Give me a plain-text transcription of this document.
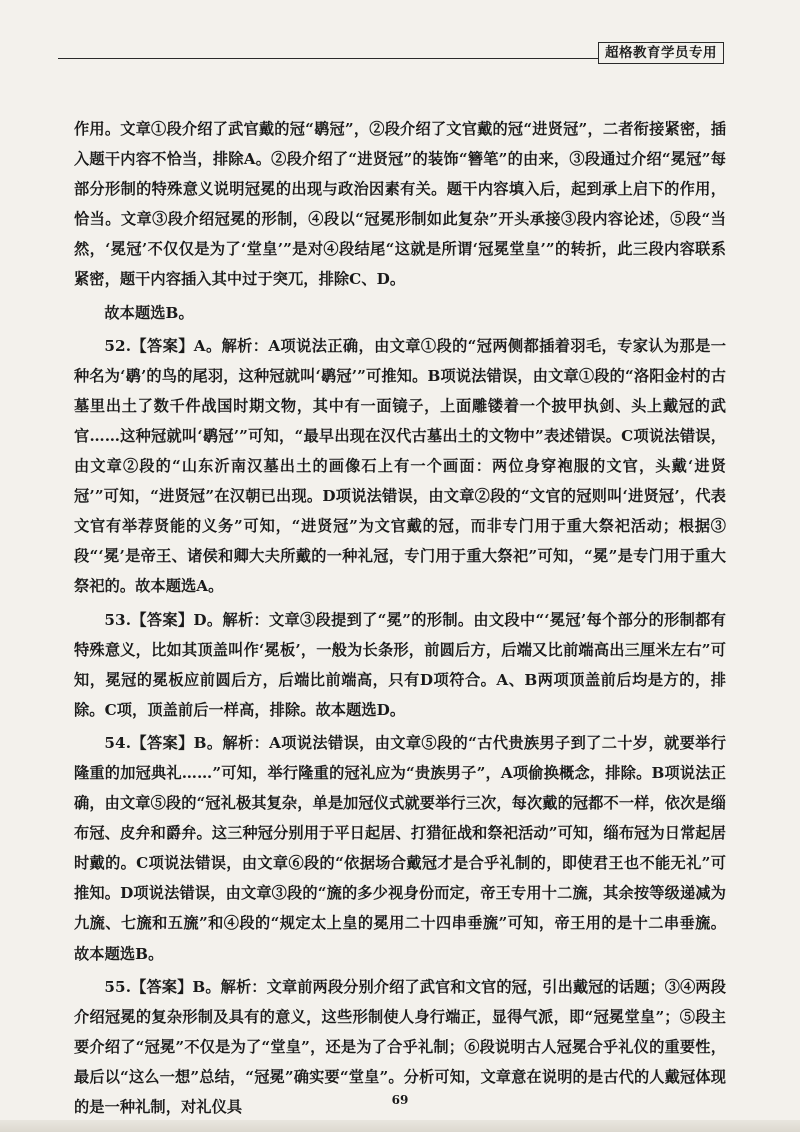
超格教育学员专用

作用。文章①段介绍了武官戴的冠“鹖冠”，②段介绍了文官戴的冠“进贤冠”，二者衔接紧密，插入题干内容不恰当，排除A。②段介绍了“进贤冠”的装饰“簪笔”的由来，③段通过介绍“冕冠”每部分形制的特殊意义说明冠冕的出现与政治因素有关。题干内容填入后，起到承上启下的作用，恰当。文章③段介绍冠冕的形制，④段以“冠冕形制如此复杂”开头承接③段内容论述，⑤段“当然，‘冕冠’不仅仅是为了‘堂皇’”是对④段结尾“这就是所谓‘冠冕堂皇’”的转折，此三段内容联系紧密，题干内容插入其中过于突兀，排除C、D。

故本题选B。

52.【答案】A。解析：A项说法正确，由文章①段的“冠两侧都插着羽毛，专家认为那是一种名为‘鹖’的鸟的尾羽，这种冠就叫‘鹖冠’”可推知。B项说法错误，由文章①段的“洛阳金村的古墓里出土了数千件战国时期文物，其中有一面镜子，上面雕镂着一个披甲执剑、头上戴冠的武官……这种冠就叫‘鹖冠’”可知，“最早出现在汉代古墓出土的文物中”表述错误。C项说法错误，由文章②段的“山东沂南汉墓出土的画像石上有一个画面：两位身穿袍服的文官，头戴‘进贤冠’”可知，“进贤冠”在汉朝已出现。D项说法错误，由文章②段的“文官的冠则叫‘进贤冠’，代表文官有举荐贤能的义务”可知，“进贤冠”为文官戴的冠，而非专门用于重大祭祀活动；根据③段“‘冕’是帝王、诸侯和卿大夫所戴的一种礼冠，专门用于重大祭祀”可知，“冕”是专门用于重大祭祀的。故本题选A。

53.【答案】D。解析：文章③段提到了“冕”的形制。由文段中“‘冕冠’每个部分的形制都有特殊意义，比如其顶盖叫作‘冕板’，一般为长条形，前圆后方，后端又比前端高出三厘米左右”可知，冕冠的冕板应前圆后方，后端比前端高，只有D项符合。A、B两项顶盖前后均是方的，排除。C项，顶盖前后一样高，排除。故本题选D。

54.【答案】B。解析：A项说法错误，由文章⑤段的“古代贵族男子到了二十岁，就要举行隆重的加冠典礼……”可知，举行隆重的冠礼应为“贵族男子”，A项偷换概念，排除。B项说法正确，由文章⑤段的“冠礼极其复杂，单是加冠仪式就要举行三次，每次戴的冠都不一样，依次是缁布冠、皮弁和爵弁。这三种冠分别用于平日起居、打猎征战和祭祀活动”可知，缁布冠为日常起居时戴的。C项说法错误，由文章⑥段的“依据场合戴冠才是合乎礼制的，即使君王也不能无礼”可推知。D项说法错误，由文章③段的“旒的多少视身份而定，帝王专用十二旒，其余按等级递减为九旒、七旒和五旒”和④段的“规定太上皇的冕用二十四串垂旒”可知，帝王用的是十二串垂旒。故本题选B。

55.【答案】B。解析：文章前两段分别介绍了武官和文官的冠，引出戴冠的话题；③④两段介绍冠冕的复杂形制及具有的意义，这些形制使人身行端正，显得气派，即“冠冕堂皇”；⑤段主要介绍了“冠冕”不仅是为了“堂皇”，还是为了合乎礼制；⑥段说明古人冠冕合乎礼仪的重要性，最后以“这么一想”总结，“冠冕”确实要“堂皇”。分析可知，文章意在说明的是古代的人戴冠体现的是一种礼制，对礼仪具	69
